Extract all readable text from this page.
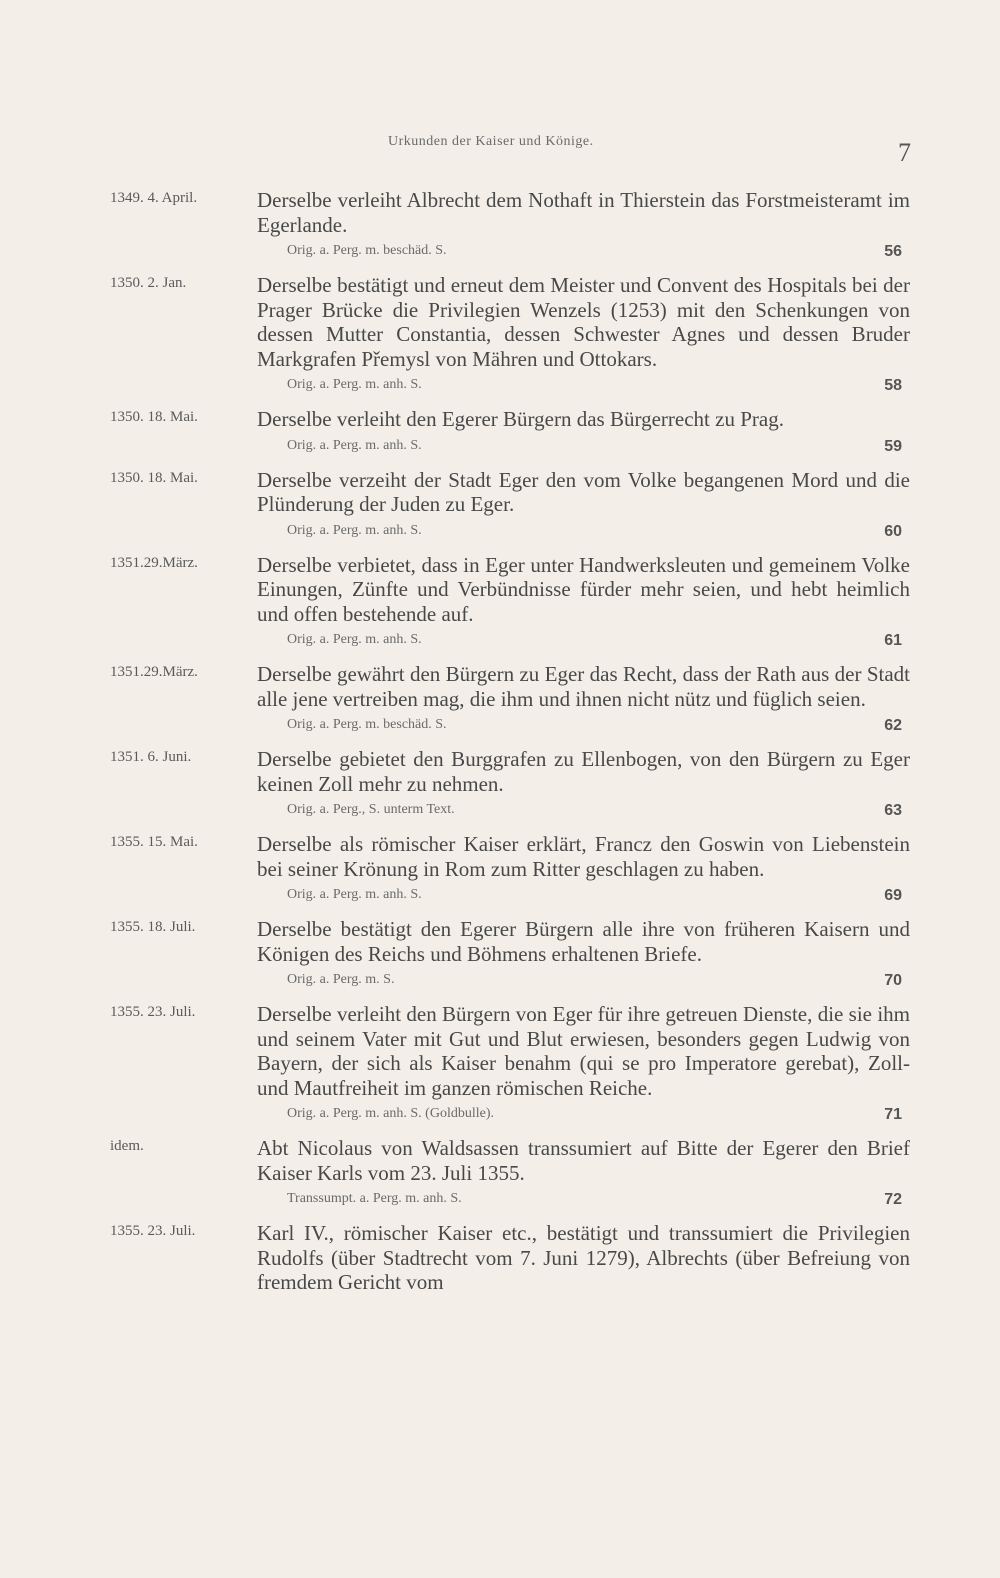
Urkunden der Kaiser und Könige.	7
1349. 4. April.	Derselbe verleiht Albrecht dem Nothaft in Thierstein das Forstmeisteramt im Egerlande.
Orig. a. Perg. m. beschäd. S.	56
1350. 2. Jan.	Derselbe bestätigt und erneut dem Meister und Convent des Hospitals bei der Prager Brücke die Privilegien Wenzels (1253) mit den Schenkungen von dessen Mutter Constantia, dessen Schwester Agnes und dessen Bruder Markgrafen Přemysl von Mähren und Ottokars.
Orig. a. Perg. m. anh. S.	58
1350. 18. Mai.	Derselbe verleiht den Egerer Bürgern das Bürgerrecht zu Prag.
Orig. a. Perg. m. anh. S.	59
1350. 18. Mai.	Derselbe verzeiht der Stadt Eger den vom Volke begangenen Mord und die Plünderung der Juden zu Eger.
Orig. a. Perg. m. anh. S.	60
1351.29.März.	Derselbe verbietet, dass in Eger unter Handwerksleuten und gemeinem Volke Einungen, Zünfte und Verbündnisse fürder mehr seien, und hebt heimlich und offen bestehende auf.
Orig. a. Perg. m. anh. S.	61
1351.29.März.	Derselbe gewährt den Bürgern zu Eger das Recht, dass der Rath aus der Stadt alle jene vertreiben mag, die ihm und ihnen nicht nütz und füglich seien.
Orig. a. Perg. m. beschäd. S.	62
1351. 6. Juni.	Derselbe gebietet den Burggrafen zu Ellenbogen, von den Bürgern zu Eger keinen Zoll mehr zu nehmen.
Orig. a. Perg., S. unterm Text.	63
1355. 15. Mai.	Derselbe als römischer Kaiser erklärt, Francz den Goswin von Liebenstein bei seiner Krönung in Rom zum Ritter geschlagen zu haben.
Orig. a. Perg. m. anh. S.	69
1355. 18. Juli.	Derselbe bestätigt den Egerer Bürgern alle ihre von früheren Kaisern und Königen des Reichs und Böhmens erhaltenen Briefe.
Orig. a. Perg. m. S.	70
1355. 23. Juli.	Derselbe verleiht den Bürgern von Eger für ihre getreuen Dienste, die sie ihm und seinem Vater mit Gut und Blut erwiesen, besonders gegen Ludwig von Bayern, der sich als Kaiser benahm (qui se pro Imperatore gerebat), Zoll- und Mautfreiheit im ganzen römischen Reiche.
Orig. a. Perg. m. anh. S. (Goldbulle).	71
idem.	Abt Nicolaus von Waldsassen transsumiert auf Bitte der Egerer den Brief Kaiser Karls vom 23. Juli 1355.
Transsumpt. a. Perg. m. anh. S.	72
1355. 23. Juli.	Karl IV., römischer Kaiser etc., bestätigt und transsumiert die Privilegien Rudolfs (über Stadtrecht vom 7. Juni 1279), Albrechts (über Befreiung von fremdem Gericht vom
